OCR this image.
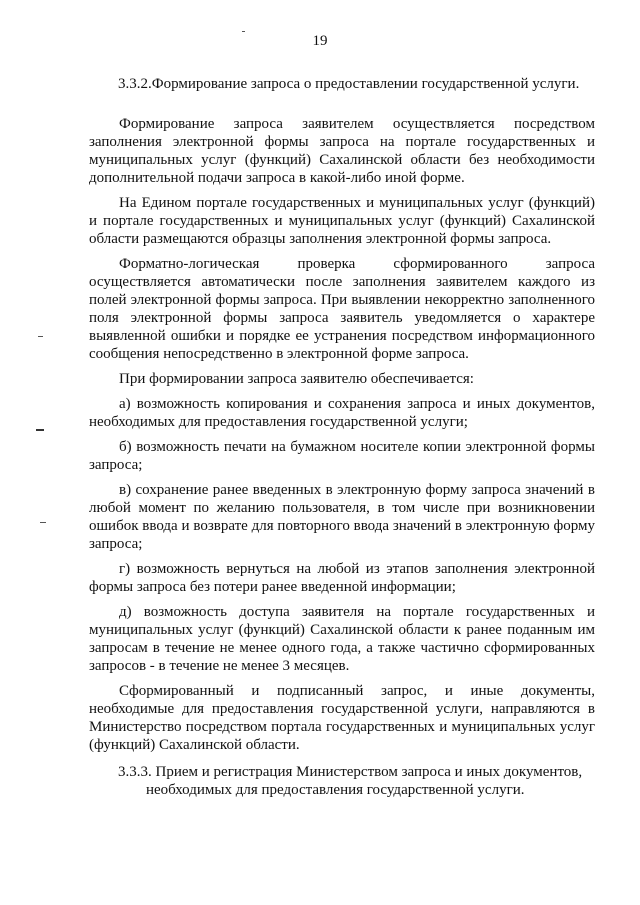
19
3.3.2.Формирование запроса о предоставлении государственной услуги.

Формирование запроса заявителем осуществляется посредством заполнения электронной формы запроса на портале государственных и муниципальных услуг (функций) Сахалинской области без необходимости дополнительной подачи запроса в какой-либо иной форме.

На Едином портале государственных и муниципальных услуг (функций) и портале государственных и муниципальных услуг (функций) Сахалинской области размещаются образцы заполнения электронной формы запроса.

Форматно-логическая проверка сформированного запроса осуществляется автоматически после заполнения заявителем каждого из полей электронной формы запроса. При выявлении некорректно заполненного поля электронной формы запроса заявитель уведомляется о характере выявленной ошибки и порядке ее устранения посредством информационного сообщения непосредственно в электронной форме запроса.

При формировании запроса заявителю обеспечивается:

а) возможность копирования и сохранения запроса и иных документов, необходимых для предоставления государственной услуги;

б) возможность печати на бумажном носителе копии электронной формы запроса;

в) сохранение ранее введенных в электронную форму запроса значений в любой момент по желанию пользователя, в том числе при возникновении ошибок ввода и возврате для повторного ввода значений в электронную форму запроса;

г) возможность вернуться на любой из этапов заполнения электронной формы запроса без потери ранее введенной информации;

д) возможность доступа заявителя на портале государственных и муниципальных услуг (функций) Сахалинской области к ранее поданным им запросам в течение не менее одного года, а также частично сформированных запросов - в течение не менее 3 месяцев.

Сформированный и подписанный запрос, и иные документы, необходимые для предоставления государственной услуги, направляются в Министерство посредством портала государственных и муниципальных услуг (функций) Сахалинской области.

3.3.3. Прием и регистрация Министерством запроса и иных документов,
необходимых для предоставления государственной услуги.
